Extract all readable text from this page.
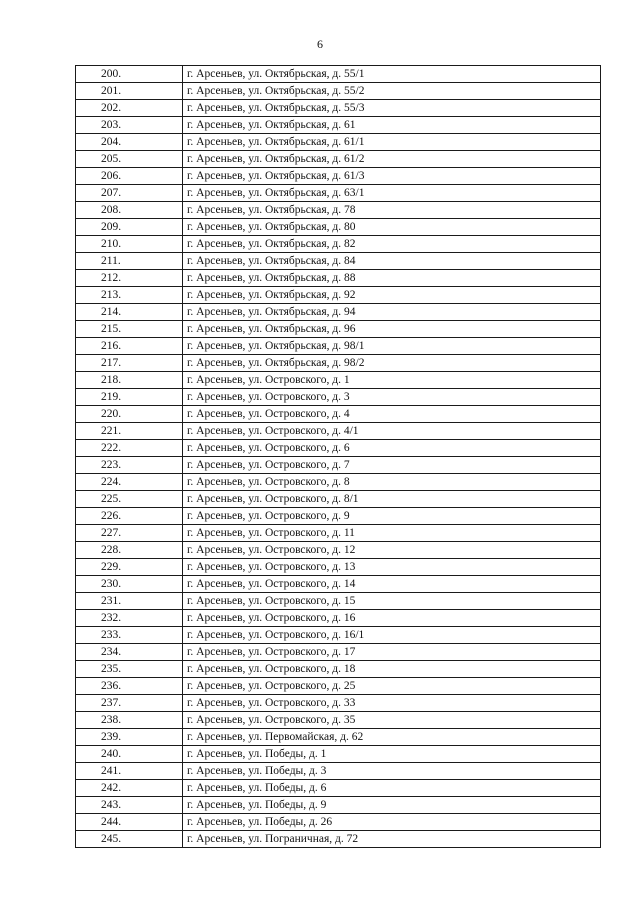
6
200.	г. Арсеньев, ул. Октябрьская, д. 55/1
201.	г. Арсеньев, ул. Октябрьская, д. 55/2
202.	г. Арсеньев, ул. Октябрьская, д. 55/3
203.	г. Арсеньев, ул. Октябрьская, д. 61
204.	г. Арсеньев, ул. Октябрьская, д. 61/1
205.	г. Арсеньев, ул. Октябрьская, д. 61/2
206.	г. Арсеньев, ул. Октябрьская, д. 61/3
207.	г. Арсеньев, ул. Октябрьская, д. 63/1
208.	г. Арсеньев, ул. Октябрьская, д. 78
209.	г. Арсеньев, ул. Октябрьская, д. 80
210.	г. Арсеньев, ул. Октябрьская, д. 82
211.	г. Арсеньев, ул. Октябрьская, д. 84
212.	г. Арсеньев, ул. Октябрьская, д. 88
213.	г. Арсеньев, ул. Октябрьская, д. 92
214.	г. Арсеньев, ул. Октябрьская, д. 94
215.	г. Арсеньев, ул. Октябрьская, д. 96
216.	г. Арсеньев, ул. Октябрьская, д. 98/1
217.	г. Арсеньев, ул. Октябрьская, д. 98/2
218.	г. Арсеньев, ул. Островского, д. 1
219.	г. Арсеньев, ул. Островского, д. 3
220.	г. Арсеньев, ул. Островского, д. 4
221.	г. Арсеньев, ул. Островского, д. 4/1
222.	г. Арсеньев, ул. Островского, д. 6
223.	г. Арсеньев, ул. Островского, д. 7
224.	г. Арсеньев, ул. Островского, д. 8
225.	г. Арсеньев, ул. Островского, д. 8/1
226.	г. Арсеньев, ул. Островского, д. 9
227.	г. Арсеньев, ул. Островского, д. 11
228.	г. Арсеньев, ул. Островского, д. 12
229.	г. Арсеньев, ул. Островского, д. 13
230.	г. Арсеньев, ул. Островского, д. 14
231.	г. Арсеньев, ул. Островского, д. 15
232.	г. Арсеньев, ул. Островского, д. 16
233.	г. Арсеньев, ул. Островского, д. 16/1
234.	г. Арсеньев, ул. Островского, д. 17
235.	г. Арсеньев, ул. Островского, д. 18
236.	г. Арсеньев, ул. Островского, д. 25
237.	г. Арсеньев, ул. Островского, д. 33
238.	г. Арсеньев, ул. Островского, д. 35
239.	г. Арсеньев, ул. Первомайская, д. 62
240.	г. Арсеньев, ул. Победы, д. 1
241.	г. Арсеньев, ул. Победы, д. 3
242.	г. Арсеньев, ул. Победы, д. 6
243.	г. Арсеньев, ул. Победы, д. 9
244.	г. Арсеньев, ул. Победы, д. 26
245.	г. Арсеньев, ул. Пограничная, д. 72
